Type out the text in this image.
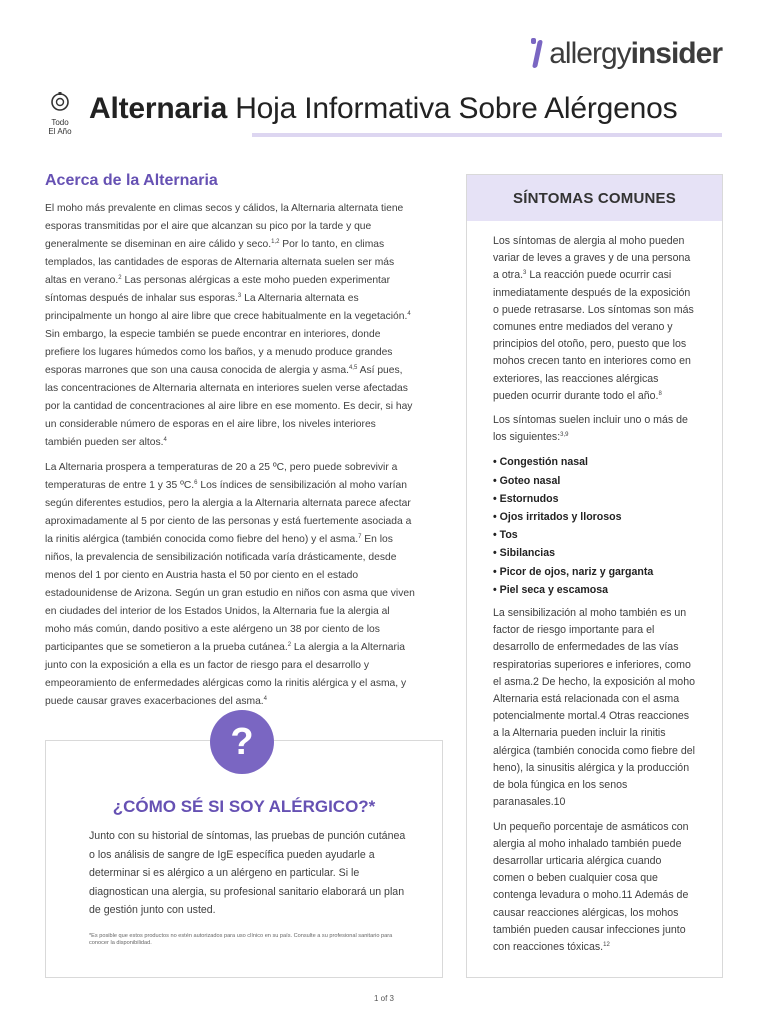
allergyinsider
Todo
El Año
Alternaria Hoja Informativa Sobre Alérgenos
Acerca de la Alternaria

El moho más prevalente en climas secos y cálidos, la Alternaria alternata tiene esporas transmitidas por el aire que alcanzan su pico por la tarde y que generalmente se diseminan en aire cálido y seco.$^{1,2}$ Por lo tanto, en climas templados, las cantidades de esporas de Alternaria alternata suelen ser más altas en verano.$^2$ Las personas alérgicas a este moho pueden experimentar síntomas después de inhalar sus esporas.$^3$ La Alternaria alternata es principalmente un hongo al aire libre que crece habitualmente en la vegetación.$^4$ Sin embargo, la especie también se puede encontrar en interiores, donde prefiere los lugares húmedos como los baños, y a menudo produce grandes esporas marrones que son una causa conocida de alergia y asma.$^{4,5}$ Así pues, las concentraciones de Alternaria alternata en interiores suelen verse afectadas por la cantidad de concentraciones al aire libre en ese momento. Es decir, si hay un considerable número de esporas en el aire libre, los niveles interiores también pueden ser altos.$^4$

La Alternaria prospera a temperaturas de 20 a 25 ºC, pero puede sobrevivir a temperaturas de entre 1 y 35 ºC.$^6$ Los índices de sensibilización al moho varían según diferentes estudios, pero la alergia a la Alternaria alternata parece afectar aproximadamente al 5 por ciento de las personas y está fuertemente asociada a la rinitis alérgica (también conocida como fiebre del heno) y el asma.$^7$ En los niños, la prevalencia de sensibilización notificada varía drásticamente, desde menos del 1 por ciento en Austria hasta el 50 por ciento en el estado estadounidense de Arizona. Según un gran estudio en niños con asma que viven en ciudades del interior de los Estados Unidos, la Alternaria fue la alergia al moho más común, dando positivo a este alérgeno un 38 por ciento de los participantes que se sometieron a la prueba cutánea.$^2$ La alergia a la Alternaria junto con la exposición a ella es un factor de riesgo para el desarrollo y empeoramiento de enfermedades alérgicas como la rinitis alérgica y el asma, y puede causar graves exacerbaciones del asma.$^4$

¿CÓMO SÉ SI SOY ALÉRGICO?*
Junto con su historial de síntomas, las pruebas de punción cutánea o los análisis de sangre de IgE específica pueden ayudarle a determinar si es alérgico a un alérgeno en particular. Si le diagnostican una alergia, su profesional sanitario elaborará un plan de gestión junto con usted.
*Es posible que estos productos no estén autorizados para uso clínico en su país. Consulte a su profesional sanitario para conocer la disponibilidad.
?
SÍNTOMAS COMUNES

Los síntomas de alergia al moho pueden variar de leves a graves y de una persona a otra.$^3$ La reacción puede ocurrir casi inmediatamente después de la exposición o puede retrasarse. Los síntomas son más comunes entre mediados del verano y principios del otoño, pero, puesto que los mohos crecen tanto en interiores como en exteriores, las reacciones alérgicas pueden ocurrir durante todo el año.$^8$

Los síntomas suelen incluir uno o más de los siguientes:$^{3,9}$

• Congestión nasal
• Goteo nasal
• Estornudos
• Ojos irritados y llorosos
• Tos
• Sibilancias
• Picor de ojos, nariz y garganta
• Piel seca y escamosa

La sensibilización al moho también es un factor de riesgo importante para el desarrollo de enfermedades de las vías respiratorias superiores e inferiores, como el asma.2 De hecho, la exposición al moho Alternaria está relacionada con el asma potencialmente mortal.4 Otras reacciones a la Alternaria pueden incluir la rinitis alérgica (también conocida como fiebre del heno), la sinusitis alérgica y la producción de bola fúngica en los senos paranasales.10

Un pequeño porcentaje de asmáticos con alergia al moho inhalado también puede desarrollar urticaria alérgica cuando comen o beben cualquier cosa que contenga levadura o moho.11 Además de causar reacciones alérgicas, los mohos también pueden causar infecciones junto con reacciones tóxicas.$^{12}$

1 of 3
